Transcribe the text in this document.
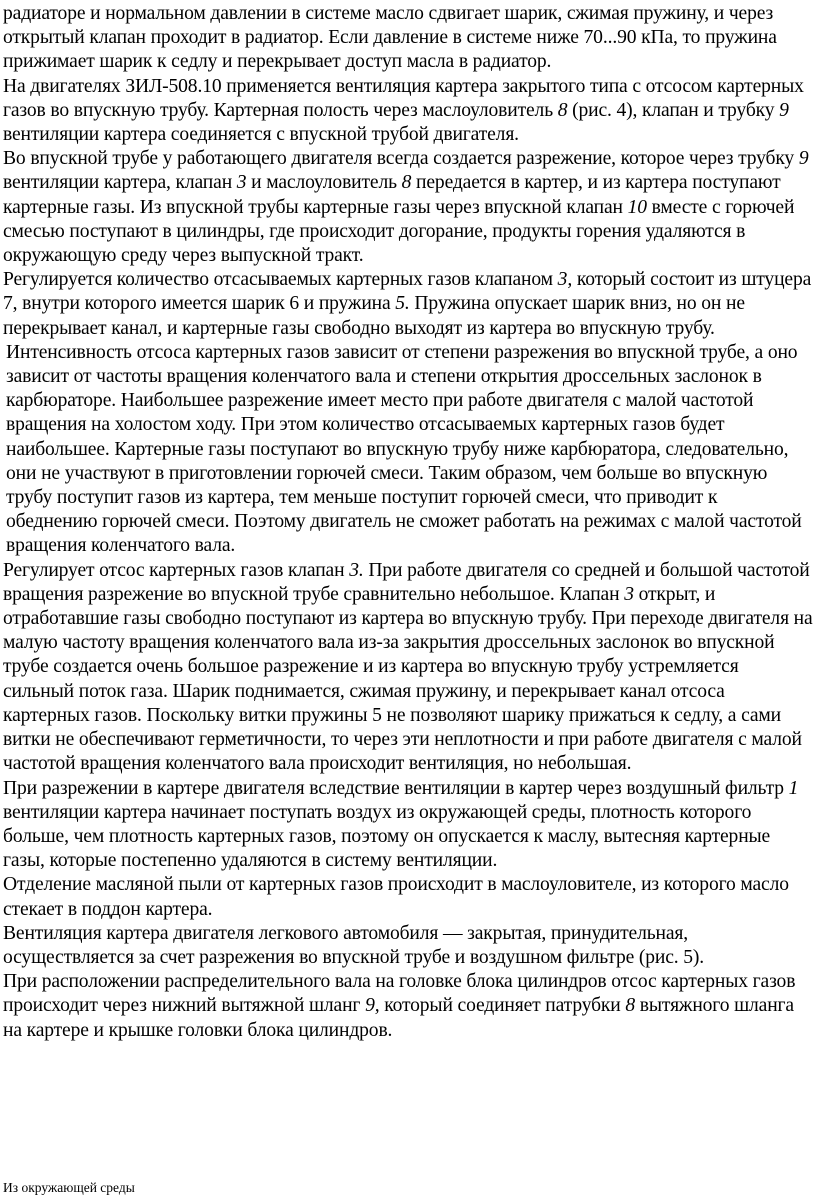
радиаторе и нормальном давлении в системе масло сдвигает шарик, сжимая пружину, и через открытый клапан проходит в радиатор. Если давление в системе ниже 70...90 кПа, то пружина прижимает шарик к седлу и перекрывает доступ масла в радиатор.

На двигателях ЗИЛ-508.10 применяется вентиляция картера закрытого типа с отсосом картерных газов во впускную трубу. Картерная полость через маслоуловитель 8 (рис. 4), клапан и трубку 9 вентиляции картера соединяется с впускной трубой двигателя.

Во впускной трубе у работающего двигателя всегда создается разрежение, которое через трубку 9 вентиляции картера, клапан 3 и маслоуловитель 8 передается в картер, и из картера поступают картерные газы. Из впускной трубы картерные газы через впускной клапан 10 вместе с горючей смесью поступают в цилиндры, где происходит догорание, продукты горения удаляются в окружающую среду через выпускной тракт.

Регулируется количество отсасываемых картерных газов клапаном 3, который состоит из штуцера 7, внутри которого имеется шарик 6 и пружина 5. Пружина опускает шарик вниз, но он не перекрывает канал, и картерные газы свободно выходят из картера во впускную трубу.

Интенсивность отсоса картерных газов зависит от степени разрежения во впускной трубе, а оно зависит от частоты вращения коленчатого вала и степени открытия дроссельных заслонок в карбюраторе. Наибольшее разрежение имеет место при работе двигателя с малой частотой вращения на холостом ходу. При этом количество отсасываемых картерных газов будет наибольшее. Картерные газы поступают во впускную трубу ниже карбюратора, следовательно, они не участвуют в приготовлении горючей смеси. Таким образом, чем больше во впускную трубу поступит газов из картера, тем меньше поступит горючей смеси, что приводит к обеднению горючей смеси. Поэтому двигатель не сможет работать на режимах с малой частотой вращения коленчатого вала.

Регулирует отсос картерных газов клапан 3. При работе двигателя со средней и большой частотой вращения разрежение во впускной трубе сравнительно небольшое. Клапан 3 открыт, и отработавшие газы свободно поступают из картера во впускную трубу. При переходе двигателя на малую частоту вращения коленчатого вала из-за закрытия дроссельных заслонок во впускной трубе создается очень большое разрежение и из картера во впускную трубу устремляется сильный поток газа. Шарик поднимается, сжимая пружину, и перекрывает канал отсоса картерных газов. Поскольку витки пружины 5 не позволяют шарику прижаться к седлу, а сами витки не обеспечивают герметичности, то через эти неплотности и при работе двигателя с малой частотой вращения коленчатого вала происходит вентиляция, но небольшая.

При разрежении в картере двигателя вследствие вентиляции в картер через воздушный фильтр 1 вентиляции картера начинает поступать воздух из окружающей среды, плотность которого больше, чем плотность картерных газов, поэтому он опускается к маслу, вытесняя картерные газы, которые постепенно удаляются в систему вентиляции.

Отделение масляной пыли от картерных газов происходит в маслоуловителе, из которого масло стекает в поддон картера.

Вентиляция картера двигателя легкового автомобиля — закрытая, принудительная, осуществляется за счет разрежения во впускной трубе и воздушном фильтре (рис. 5).

При расположении распределительного вала на головке блока цилиндров отсос картерных газов происходит через нижний вытяжной шланг 9, который соединяет патрубки 8 вытяжного шланга на картере и крышке головки блока цилиндров.

Из окружающей среды
